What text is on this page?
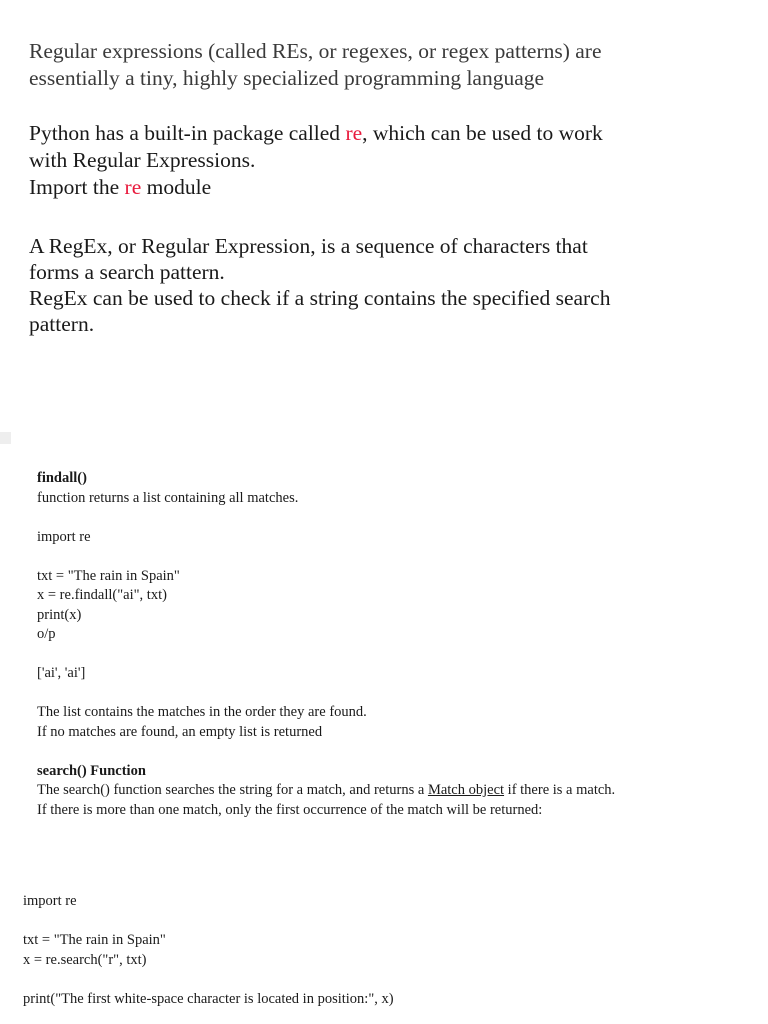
Regular expressions (called REs, or regexes, or regex patterns) are

essentially a tiny, highly specialized programming language

Python has a built-in package called re, which can be used to work

with Regular Expressions.

Import the re module

A RegEx, or Regular Expression, is a sequence of characters that

forms a search pattern.

RegEx can be used to check if a string contains the specified search

pattern.

findall()

function returns a list containing all matches.

import re

txt = "The rain in Spain"

x = re.findall("ai", txt)

print(x)

o/p

['ai', 'ai']

The list contains the matches in the order they are found.

If no matches are found, an empty list is returned

search() Function

The search() function searches the string for a match, and returns a Match object if there is a match.

If there is more than one match, only the first occurrence of the match will be returned:

import re

txt = "The rain in Spain"

x = re.search("r", txt)

print("The first white-space character is located in position:", x)
